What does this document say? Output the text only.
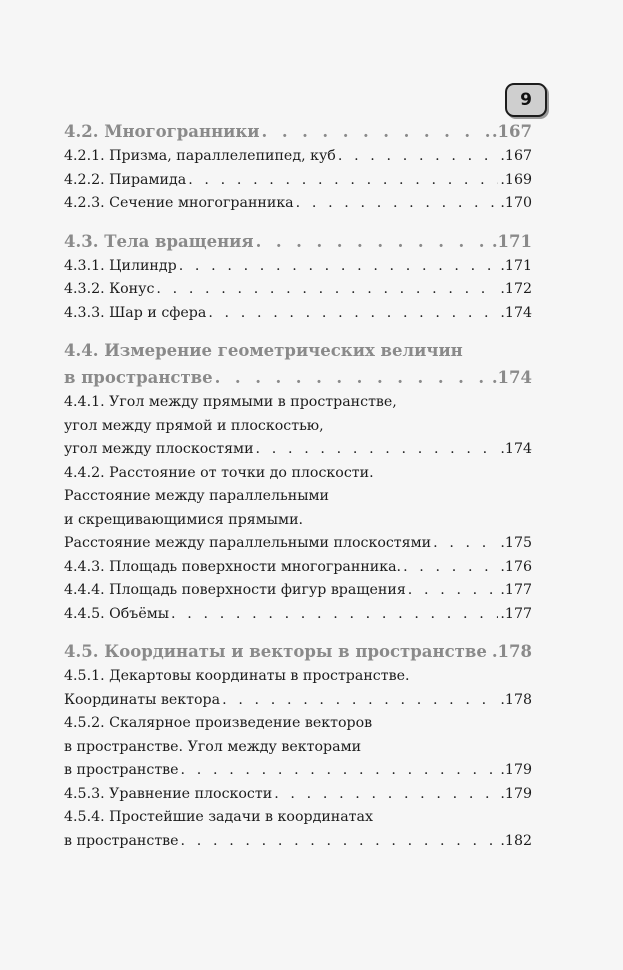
9
4.2. Многогранники . . .	.167
4.2.1. Призма, параллелепипед, куб . . .	.167
4.2.2. Пирамида . . .	.169
4.2.3. Сечение многогранника . . .	.170
4.3. Тела вращения . . .	.171
4.3.1. Цилиндр . . .	.171
4.3.2. Конус . . .	.172
4.3.3. Шар и сфера . . .	.174
4.4. Измерение геометрических величин
в пространстве . . .	.174
4.4.1. Угол между прямыми в пространстве,
угол между прямой и плоскостью,
угол между плоскостями . . .	.174
4.4.2. Расстояние от точки до плоскости.
Расстояние между параллельными
и скрещивающимися прямыми.
Расстояние между параллельными плоскостями . . .	.175
4.4.3. Площадь поверхности многогранника. . . .	.176
4.4.4. Площадь поверхности фигур вращения . . .	.177
4.4.5. Объёмы . . .	.177
4.5. Координаты и векторы в пространстве . . . .178
4.5.1. Декартовы координаты в пространстве.
Координаты вектора . . .	.178
4.5.2. Скалярное произведение векторов
в пространстве. Угол между векторами
в пространстве . . .	.179
4.5.3. Уравнение плоскости . . .	.179
4.5.4. Простейшие задачи в координатах
в пространстве . . .	.182
